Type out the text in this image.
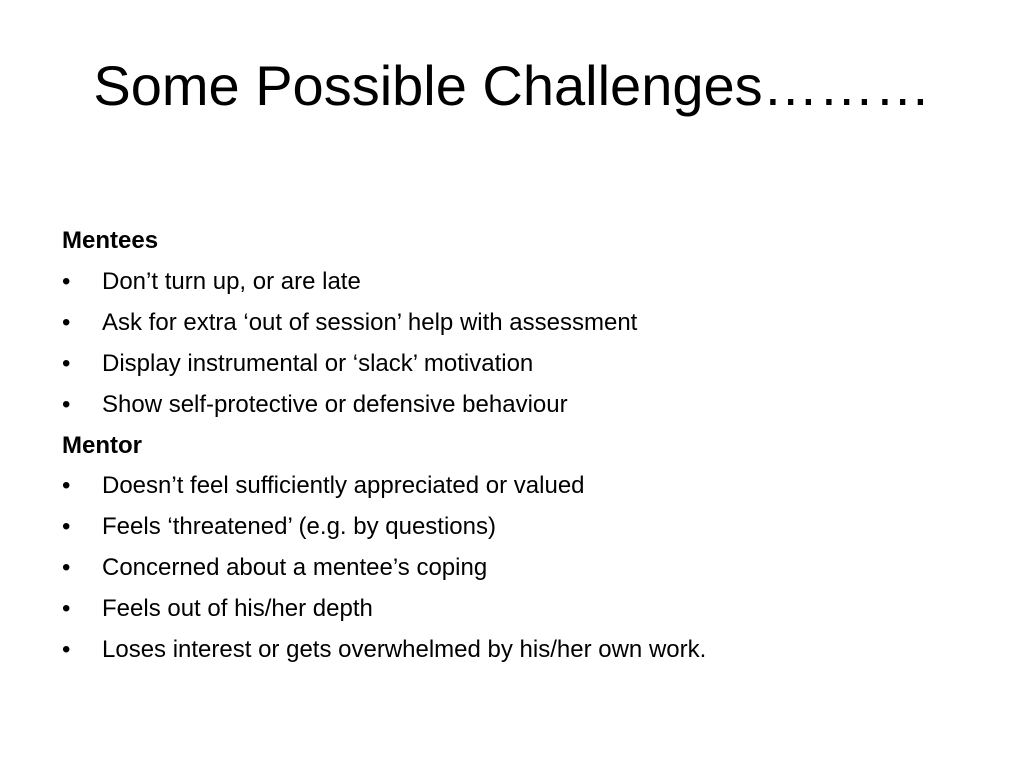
Some Possible Challenges………

Mentees

•	Don’t turn up, or are late
•	Ask for extra ‘out of session’ help with assessment
•	Display instrumental or ‘slack’ motivation
•	Show self-protective or defensive behaviour

Mentor

•	Doesn’t feel sufficiently appreciated or valued
•	Feels ‘threatened’ (e.g. by questions)
•	Concerned about a mentee’s coping
•	Feels out of his/her depth
•	Loses interest or gets overwhelmed by his/her own work.
